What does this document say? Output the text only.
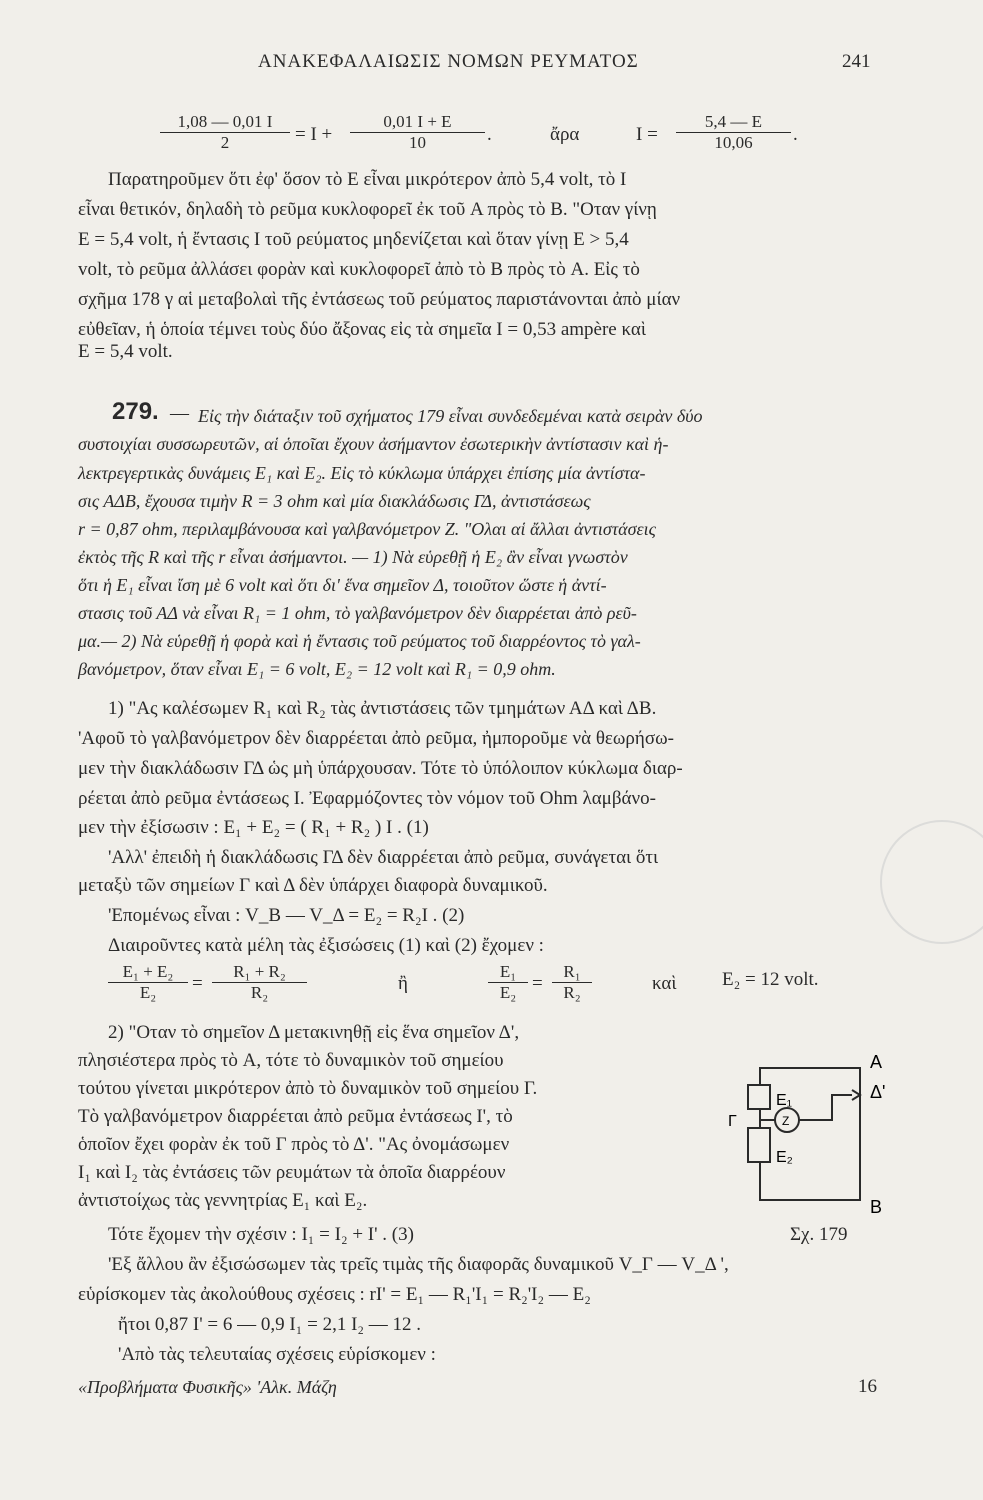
ΑΝΑΚΕΦΑΛΑΙΩΣΙΣ ΝΟΜΩΝ ΡΕΥΜΑΤΟΣ	241
$\frac{1,08 — 0,01 I}{2} = I + \frac{0,01 I + E}{10}$ .	ἄρα	$I = \frac{5,4 — E}{10,06}$ .
Παρατηροῦμεν ὅτι ἐφ' ὅσον τὸ E εἶναι μικρότερον ἀπὸ 5,4 volt, τὸ I
εἶναι θετικόν, δηλαδὴ τὸ ρεῦμα κυκλοφορεῖ ἐκ τοῦ A πρὸς τὸ B. "Οταν γίνῃ
E = 5,4 volt, ἡ ἔντασις I τοῦ ρεύματος μηδενίζεται καὶ ὅταν γίνῃ E > 5,4
volt, τὸ ρεῦμα ἀλλάσει φορὰν καὶ κυκλοφορεῖ ἀπὸ τὸ B πρὸς τὸ A. Εἰς τὸ
σχῆμα 178 γ αἱ μεταβολαὶ τῆς ἐντάσεως τοῦ ρεύματος παριστάνονται ἀπὸ μίαν
εὐθεῖαν, ἡ ὁποία τέμνει τοὺς δύο ἄξονας εἰς τὰ σημεῖα I = 0,53 ampère καὶ
E = 5,4 volt.
279. — Εἰς τὴν διάταξιν τοῦ σχήματος 179 εἶναι συνδεδεμέναι κατὰ σειρὰν δύο
συστοιχίαι συσσωρευτῶν, αἱ ὁποῖαι ἔχουν ἀσήμαντον ἐσωτερικὴν ἀντίστασιν καὶ ἡ-
λεκτρεγερτικὰς δυνάμεις E₁ καὶ E₂. Εἰς τὸ κύκλωμα ὑπάρχει ἐπίσης μία ἀντίστα-
σις ΑΔΒ, ἔχουσα τιμὴν R = 3 ohm καὶ μία διακλάδωσις ΓΔ, ἀντιστάσεως
r = 0,87 ohm, περιλαμβάνουσα καὶ γαλβανόμετρον Z. "Ολαι αἱ ἄλλαι ἀντιστάσεις
ἐκτὸς τῆς R καὶ τῆς r εἶναι ἀσήμαντοι. — 1) Νὰ εὑρεθῇ ἡ E₂ ἂν εἶναι γνωστὸν
ὅτι ἡ E₁ εἶναι ἴση μὲ 6 volt καὶ ὅτι δι' ἕνα σημεῖον Δ, τοιοῦτον ὥστε ἡ ἀντί-
στασις τοῦ ΑΔ νὰ εἶναι R₁ = 1 ohm, τὸ γαλβανόμετρον δὲν διαρρέεται ἀπὸ ρεῦ-
μα.— 2) Νὰ εὑρεθῇ ἡ φορὰ καὶ ἡ ἔντασις τοῦ ρεύματος τοῦ διαρρέοντος τὸ γαλ-
βανόμετρον, ὅταν εἶναι E₁ = 6 volt, E₂ = 12 volt καὶ R₁ = 0,9 ohm.
1) "Ας καλέσωμεν R₁ καὶ R₂ τὰς ἀντιστάσεις τῶν τμημάτων ΑΔ καὶ ΔΒ.
'Αφοῦ τὸ γαλβανόμετρον δὲν διαρρέεται ἀπὸ ρεῦμα, ἠμποροῦμε νὰ θεωρήσω-
μεν τὴν διακλάδωσιν ΓΔ ὡς μὴ ὑπάρχουσαν. Τότε τὸ ὑπόλοιπον κύκλωμα διαρ-
ρέεται ἀπὸ ρεῦμα ἐντάσεως I. Ἐφαρμόζοντες τὸν νόμον τοῦ Ohm λαμβάνο-
μεν τὴν ἐξίσωσιν : E₁ + E₂ = ( R₁ + R₂ ) I . (1)
'Αλλ' ἐπειδὴ ἡ διακλάδωσις ΓΔ δὲν διαρρέεται ἀπὸ ρεῦμα, συνάγεται ὅτι
μεταξὺ τῶν σημείων Γ καὶ Δ δὲν ὑπάρχει διαφορὰ δυναμικοῦ.
'Επομένως εἶναι : V_B — V_Δ = E₂ = R₂I . (2)
Διαιροῦντες κατὰ μέλη τὰς ἐξισώσεις (1) καὶ (2) ἔχομεν :
$\frac{\text{E₁ + E₂}}{\text{E₂}} = \frac{\text{R₁ + R₂}}{\text{R₂}}$	ἢ	$\frac{\text{E₁}}{\text{E₂}} = \frac{\text{R₁}}{\text{R₂}}$	καὶ E₂ = 12 volt.
2) "Οταν τὸ σημεῖον Δ μετακινηθῇ εἰς ἕνα σημεῖον Δ',
πλησιέστερα πρὸς τὸ A, τότε τὸ δυναμικὸν τοῦ σημείου
τούτου γίνεται μικρότερον ἀπὸ τὸ δυναμικὸν τοῦ σημείου Γ.
Τὸ γαλβανόμετρον διαρρέεται ἀπὸ ρεῦμα ἐντάσεως I', τὸ
ὁποῖον ἔχει φορὰν ἐκ τοῦ Γ πρὸς τὸ Δ'. "Ας ὀνομάσωμεν
I₁ καὶ I₂ τὰς ἐντάσεις τῶν ρευμάτων τὰ ὁποῖα διαρρέουν
ἀντιστοίχως τὰς γεννητρίας E₁ καὶ E₂.
A
Δ'
B
Γ	Z
E₁
E₂
Σχ. 179
Τότε ἔχομεν τὴν σχέσιν : I₁ = I₂ + I' . (3)
'Εξ ἄλλου ἂν ἐξισώσωμεν τὰς τρεῖς τιμὰς τῆς διαφορᾶς δυναμικοῦ V_Γ — V_Δ ',
εὑρίσκομεν τὰς ἀκολούθους σχέσεις : rI' = E₁ — R₁'I₁ = R₂'I₂ — E₂
ἤτοι 0,87 I' = 6 — 0,9 I₁ = 2,1 I₂ — 12 .
'Απὸ τὰς τελευταίας σχέσεις εὑρίσκομεν :
«Προβλήματα Φυσικῆς» 'Αλκ. Μάζη	16
